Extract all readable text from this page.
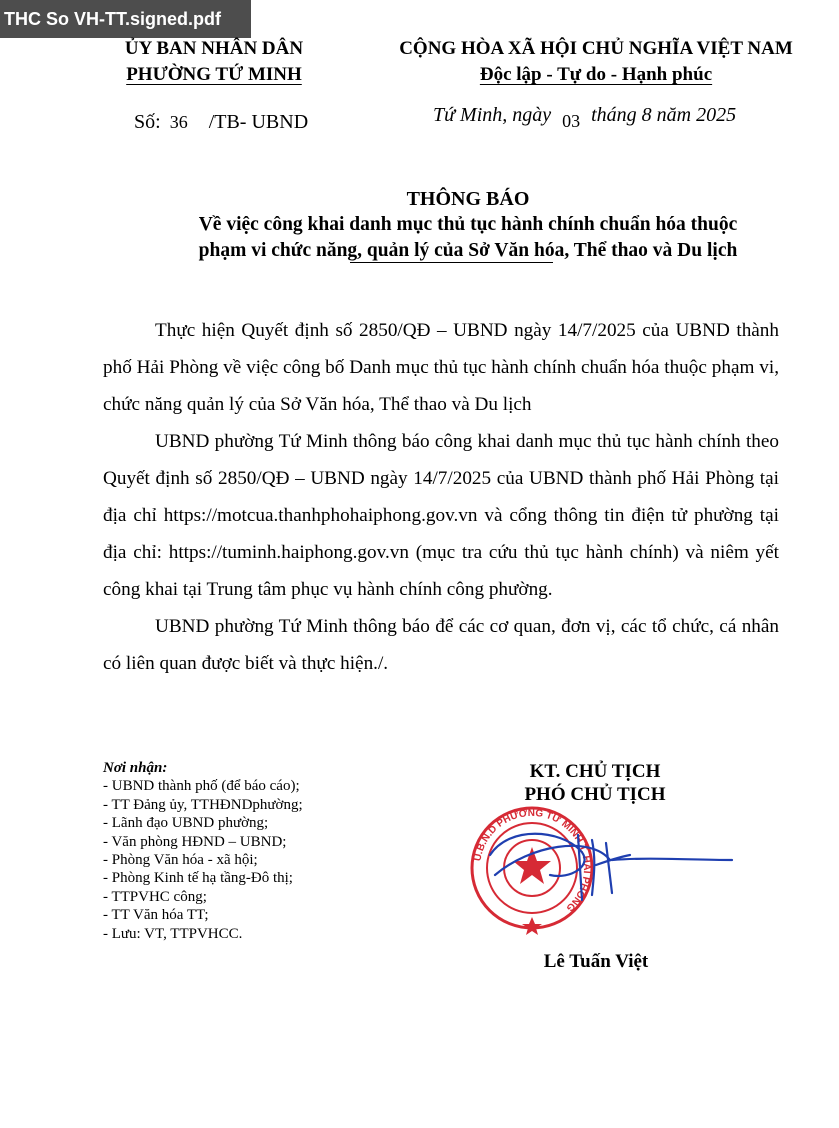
THC So VH-TT.signed.pdf
ỦY BAN NHÂN DÂN
PHƯỜNG TỨ MINH
CỘNG HÒA XÃ HỘI CHỦ NGHĨA VIỆT NAM
Độc lập - Tự do - Hạnh phúc
Số: 36 /TB- UBND	Tứ Minh, ngày 03 tháng 8 năm 2025
THÔNG BÁO
Về việc công khai danh mục thủ tục hành chính chuẩn hóa thuộc
phạm vi chức năng, quản lý của Sở Văn hóa, Thể thao và Du lịch

Thực hiện Quyết định số 2850/QĐ – UBND ngày 14/7/2025 của UBND thành phố Hải Phòng về việc công bố Danh mục thủ tục hành chính chuẩn hóa thuộc phạm vi, chức năng quản lý của Sở Văn hóa, Thể thao và Du lịch

UBND phường Tứ Minh thông báo công khai danh mục thủ tục hành chính theo Quyết định số 2850/QĐ – UBND ngày 14/7/2025 của UBND thành phố Hải Phòng tại địa chỉ https://motcua.thanhphohaiphong.gov.vn và cổng thông tin điện tử phường tại địa chỉ: https://tuminh.haiphong.gov.vn (mục tra cứu thủ tục hành chính) và niêm yết công khai tại Trung tâm phục vụ hành chính công phường.

UBND phường Tứ Minh thông báo để các cơ quan, đơn vị, các tổ chức, cá nhân có liên quan được biết và thực hiện./.

Nơi nhận:
- UBND thành phố (để báo cáo);
- TT Đảng ủy, TTHĐNDphường;
- Lãnh đạo UBND phường;
- Văn phòng HĐND – UBND;
- Phòng Văn hóa - xã hội;
- Phòng Kinh tế hạ tầng-Đô thị;
- TTPVHC công;
- TT Văn hóa TT;
- Lưu: VT, TTPVHCC.
KT. CHỦ TỊCH
PHÓ CHỦ TỊCH
U.B.N.D PHƯỜNG TỨ MINH T. HẢI PHÒNG
Lê Tuấn Việt
